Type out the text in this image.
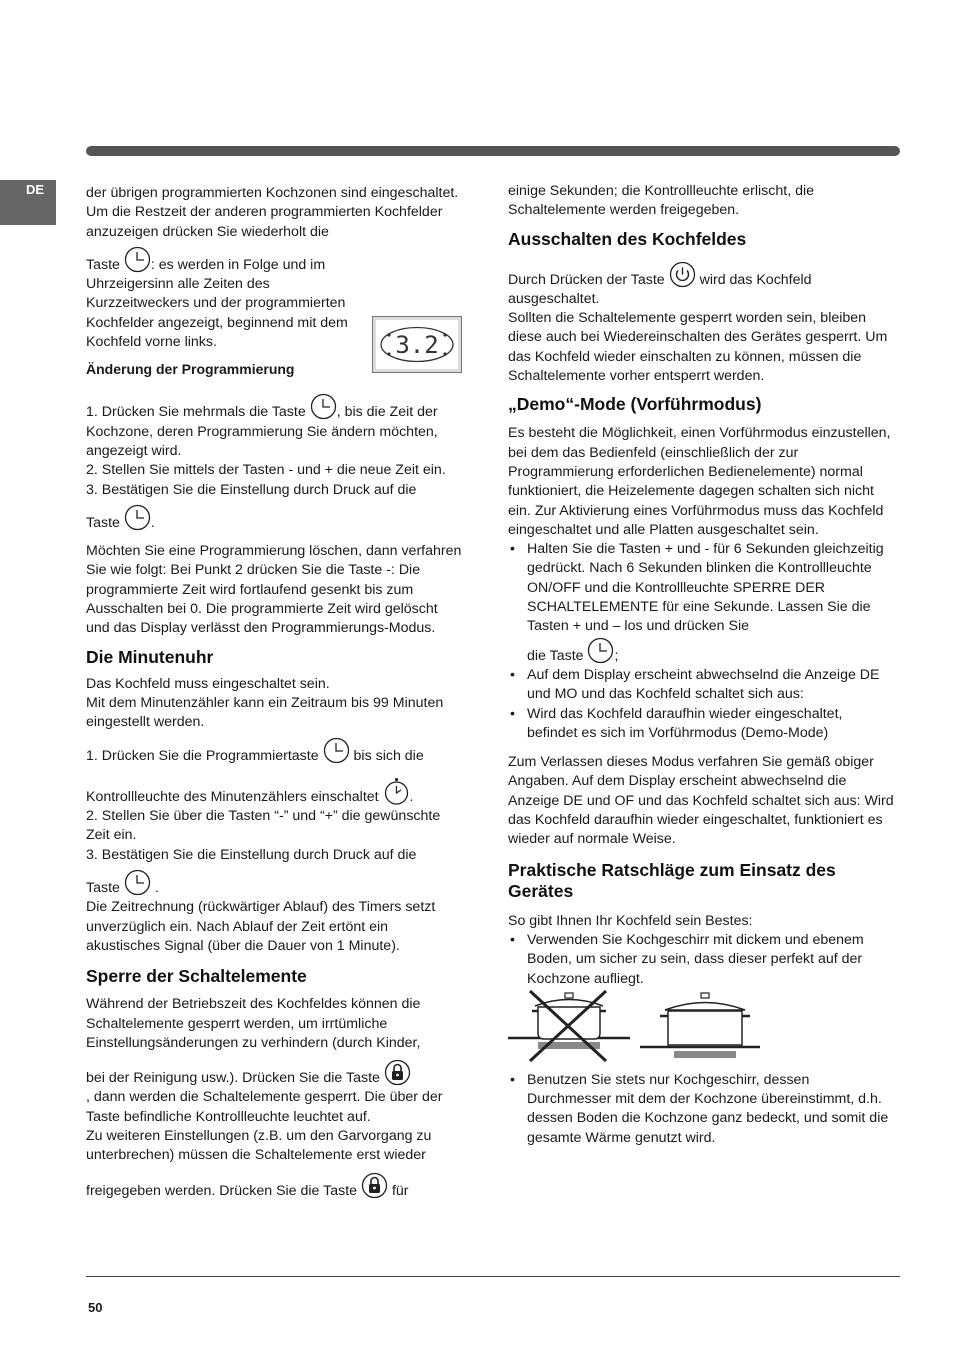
DE	der übrigen programmierten Kochzonen sind eingeschaltet.

Um die Restzeit der anderen programmierten Kochfelder anzuzeigen drücken Sie wiederholt die

Taste : es werden in Folge und im Uhrzeigersinn alle Zeiten des Kurzzeitweckers und der programmierten Kochfelder angezeigt, beginnend mit dem Kochfeld vorne links.

Änderung der Programmierung

1. Drücken Sie mehrmals die Taste , bis die Zeit der Kochzone, deren Programmierung Sie ändern möchten, angezeigt wird.

2. Stellen Sie mittels der Tasten - und + die neue Zeit ein.

3. Bestätigen Sie die Einstellung durch Druck auf die

Taste .

Möchten Sie eine Programmierung löschen, dann verfahren Sie wie folgt: Bei Punkt 2 drücken Sie die Taste -: Die programmierte Zeit wird fortlaufend gesenkt bis zum Ausschalten bei 0. Die programmierte Zeit wird gelöscht und das Display verlässt den Programmierungs-Modus.

Die Minutenuhr

Das Kochfeld muss eingeschaltet sein.

Mit dem Minutenzähler kann ein Zeitraum bis 99 Minuten eingestellt werden.

1. Drücken Sie die Programmiertaste bis sich die

Kontrollleuchte des Minutenzählers einschaltet .

2. Stellen Sie über die Tasten “-” und “+” die gewünschte Zeit ein.

3. Bestätigen Sie die Einstellung durch Druck auf die

Taste .

Die Zeitrechnung (rückwärtiger Ablauf) des Timers setzt unverzüglich ein. Nach Ablauf der Zeit ertönt ein akustisches Signal (über die Dauer von 1 Minute).

Sperre der Schaltelemente

Während der Betriebszeit des Kochfeldes können die Schaltelemente gesperrt werden, um irrtümliche Einstellungsänderungen zu verhindern (durch Kinder,

bei der Reinigung usw.). Drücken Sie die Taste

, dann werden die Schaltelemente gesperrt. Die über der Taste befindliche Kontrollleuchte leuchtet auf.

Zu weiteren Einstellungen (z.B. um den Garvorgang zu unterbrechen) müssen die Schaltelemente erst wieder

freigegeben werden. Drücken Sie die Taste für

3.2

einige Sekunden; die Kontrollleuchte erlischt, die Schaltelemente werden freigegeben.

Ausschalten des Kochfeldes

Durch Drücken der Taste wird das Kochfeld ausgeschaltet.

Sollten die Schaltelemente gesperrt worden sein, bleiben diese auch bei Wiedereinschalten des Gerätes gesperrt. Um das Kochfeld wieder einschalten zu können, müssen die Schaltelemente vorher entsperrt werden.

„Demo“-Mode (Vorführmodus)

Es besteht die Möglichkeit, einen Vorführmodus einzustellen, bei dem das Bedienfeld (einschließlich der zur Programmierung erforderlichen Bedienelemente) normal funktioniert, die Heizelemente dagegen schalten sich nicht ein. Zur Aktivierung eines Vorführmodus muss das Kochfeld eingeschaltet und alle Platten ausgeschaltet sein.

• Halten Sie die Tasten + und - für 6 Sekunden gleichzeitig gedrückt. Nach 6 Sekunden blinken die Kontrollleuchte ON/OFF und die Kontrollleuchte SPERRE DER SCHALTELEMENTE für eine Sekunde. Lassen Sie die Tasten + und – los und drücken Sie
die Taste ;
• Auf dem Display erscheint abwechselnd die Anzeige DE und MO und das Kochfeld schaltet sich aus:
• Wird das Kochfeld daraufhin wieder eingeschaltet, befindet es sich im Vorführmodus (Demo-Mode)

Zum Verlassen dieses Modus verfahren Sie gemäß obiger Angaben. Auf dem Display erscheint abwechselnd die Anzeige DE und OF und das Kochfeld schaltet sich aus: Wird das Kochfeld daraufhin wieder eingeschaltet, funktioniert es wieder auf normale Weise.

Praktische Ratschläge zum Einsatz des Gerätes

So gibt Ihnen Ihr Kochfeld sein Bestes:

• Verwenden Sie Kochgeschirr mit dickem und ebenem Boden, um sicher zu sein, dass dieser perfekt auf der Kochzone aufliegt.
• Benutzen Sie stets nur Kochgeschirr, dessen Durchmesser mit dem der Kochzone übereinstimmt, d.h. dessen Boden die Kochzone ganz bedeckt, und somit die gesamte Wärme genutzt wird.
50
